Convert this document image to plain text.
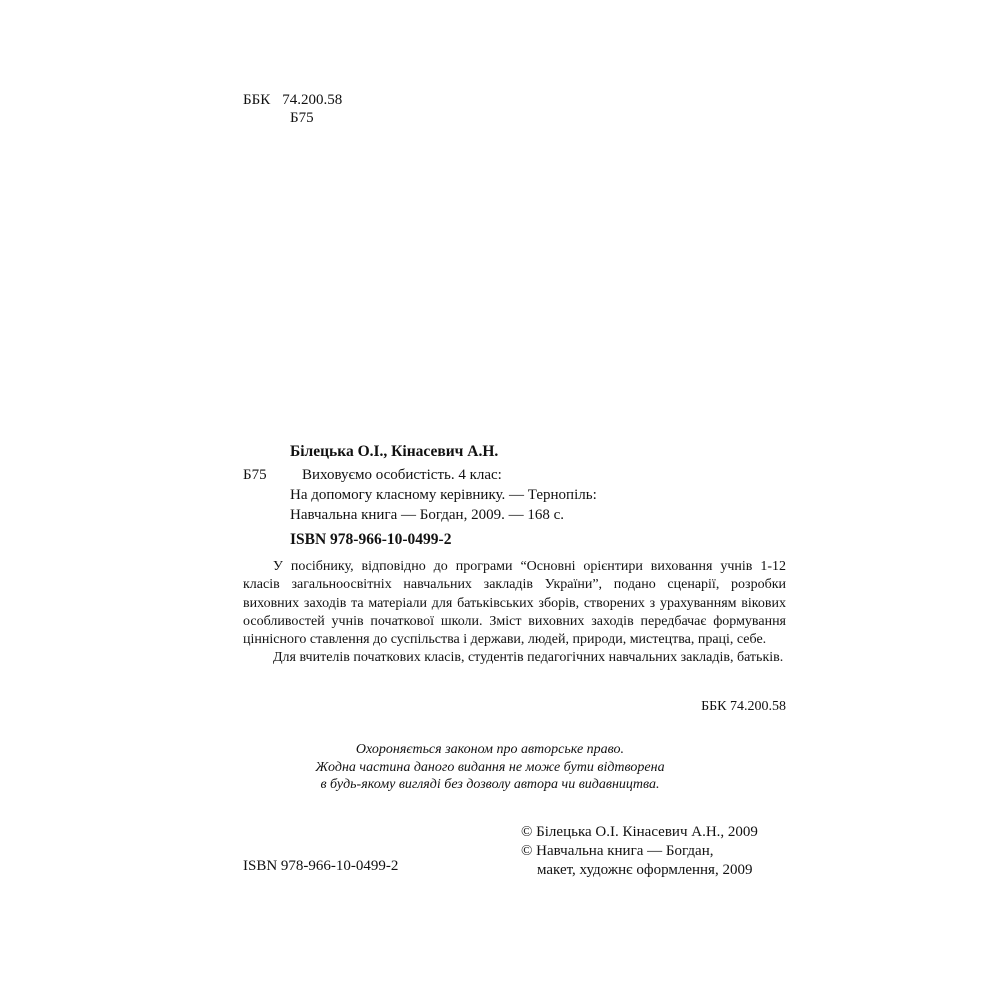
ББК 74.200.58
Б75
Білецька О.І., Кінасевич А.Н.
Б75 Виховуємо особистість. 4 клас:
На допомогу класному керівнику. — Тернопіль:
Навчальна книга — Богдан, 2009. — 168 с.
ISBN 978-966-10-0499-2

У посібнику, відповідно до програми “Основні орієнтири виховання учнів 1-12 класів загальноосвітніх навчальних закладів України”, подано сценарії, розробки виховних заходів та матеріали для батьківських зборів, створених з урахуванням вікових особливостей учнів початкової школи. Зміст виховних заходів передбачає формування ціннісного ставлення до суспільства і держави, людей, природи, мистецтва, праці, себе.

Для вчителів початкових класів, студентів педагогічних навчальних закладів, батьків.

ББК 74.200.58
Охороняється законом про авторське право.
Жодна частина даного видання не може бути відтворена
в будь-якому вигляді без дозволу автора чи видавництва.
© Білецька О.І. Кінасевич А.Н., 2009
© Навчальна книга — Богдан,
макет, художнє оформлення, 2009
ISBN 978-966-10-0499-2
